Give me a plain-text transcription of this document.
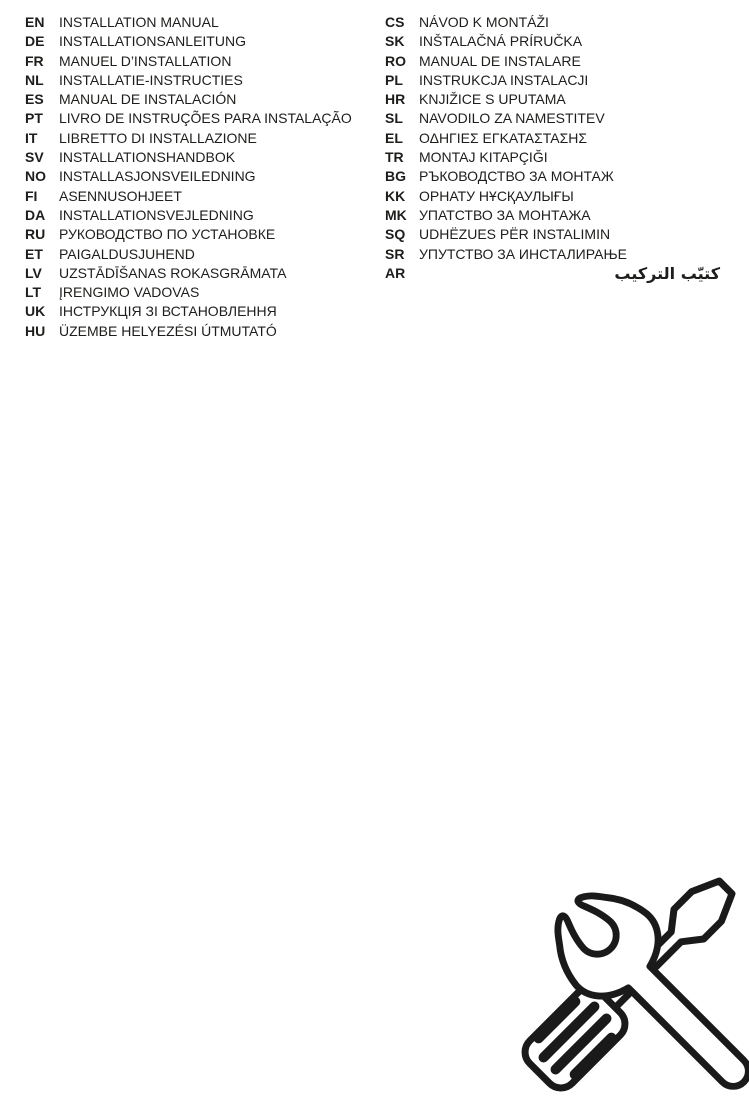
EN	INSTALLATION MANUAL
DE	INSTALLATIONSANLEITUNG
FR	MANUEL D’INSTALLATION
NL	INSTALLATIE-INSTRUCTIES
ES	MANUAL DE INSTALACIÓN
PT	LIVRO DE INSTRUÇÕES PARA INSTALAÇÃO
IT	LIBRETTO DI INSTALLAZIONE
SV	INSTALLATIONSHANDBOK
NO INSTALLASJONSVEILEDNING
FI	ASENNUSOHJEET
DA INSTALLATIONSVEJLEDNING
RU РУКОВОДСТВО ПО УСТАНОВКЕ
ET	PAIGALDUSJUHEND
LV	UZSTĀDĪŠANAS ROKASGRĀMATA
LT	ĮRENGIMO VADOVAS
UK ІНСТРУКЦІЯ ЗІ ВСТАНОВЛЕННЯ
HU ÜZEMBE HELYEZÉSI ÚTMUTATÓ
CS	NÁVOD K MONTÁŽI
SK	INŠTALAČNÁ PRÍRUČKA
RO MANUAL DE INSTALARE
PL	INSTRUKCJA INSTALACJI
HR KNJIŽICE S UPUTAMA
SL	NAVODILO ZA NAMESTITEV
EL	ΟΔΗΓΙΕΣ ΕΓΚΑΤΑΣΤΑΣΗΣ
TR	MONTAJ KITAPÇIĞI
BG РЪКОВОДСТВО ЗА МОНТАЖ
KK ОРНАТУ НҰСҚАУЛЫҒЫ
MK УПАТСТВО ЗА МОНТАЖА
SQ UDHËZUES PËR INSTALIMIN
SR	УПУТСТВО ЗА ИНСТАЛИРАЊЕ
AR	كتيّب التركيب
